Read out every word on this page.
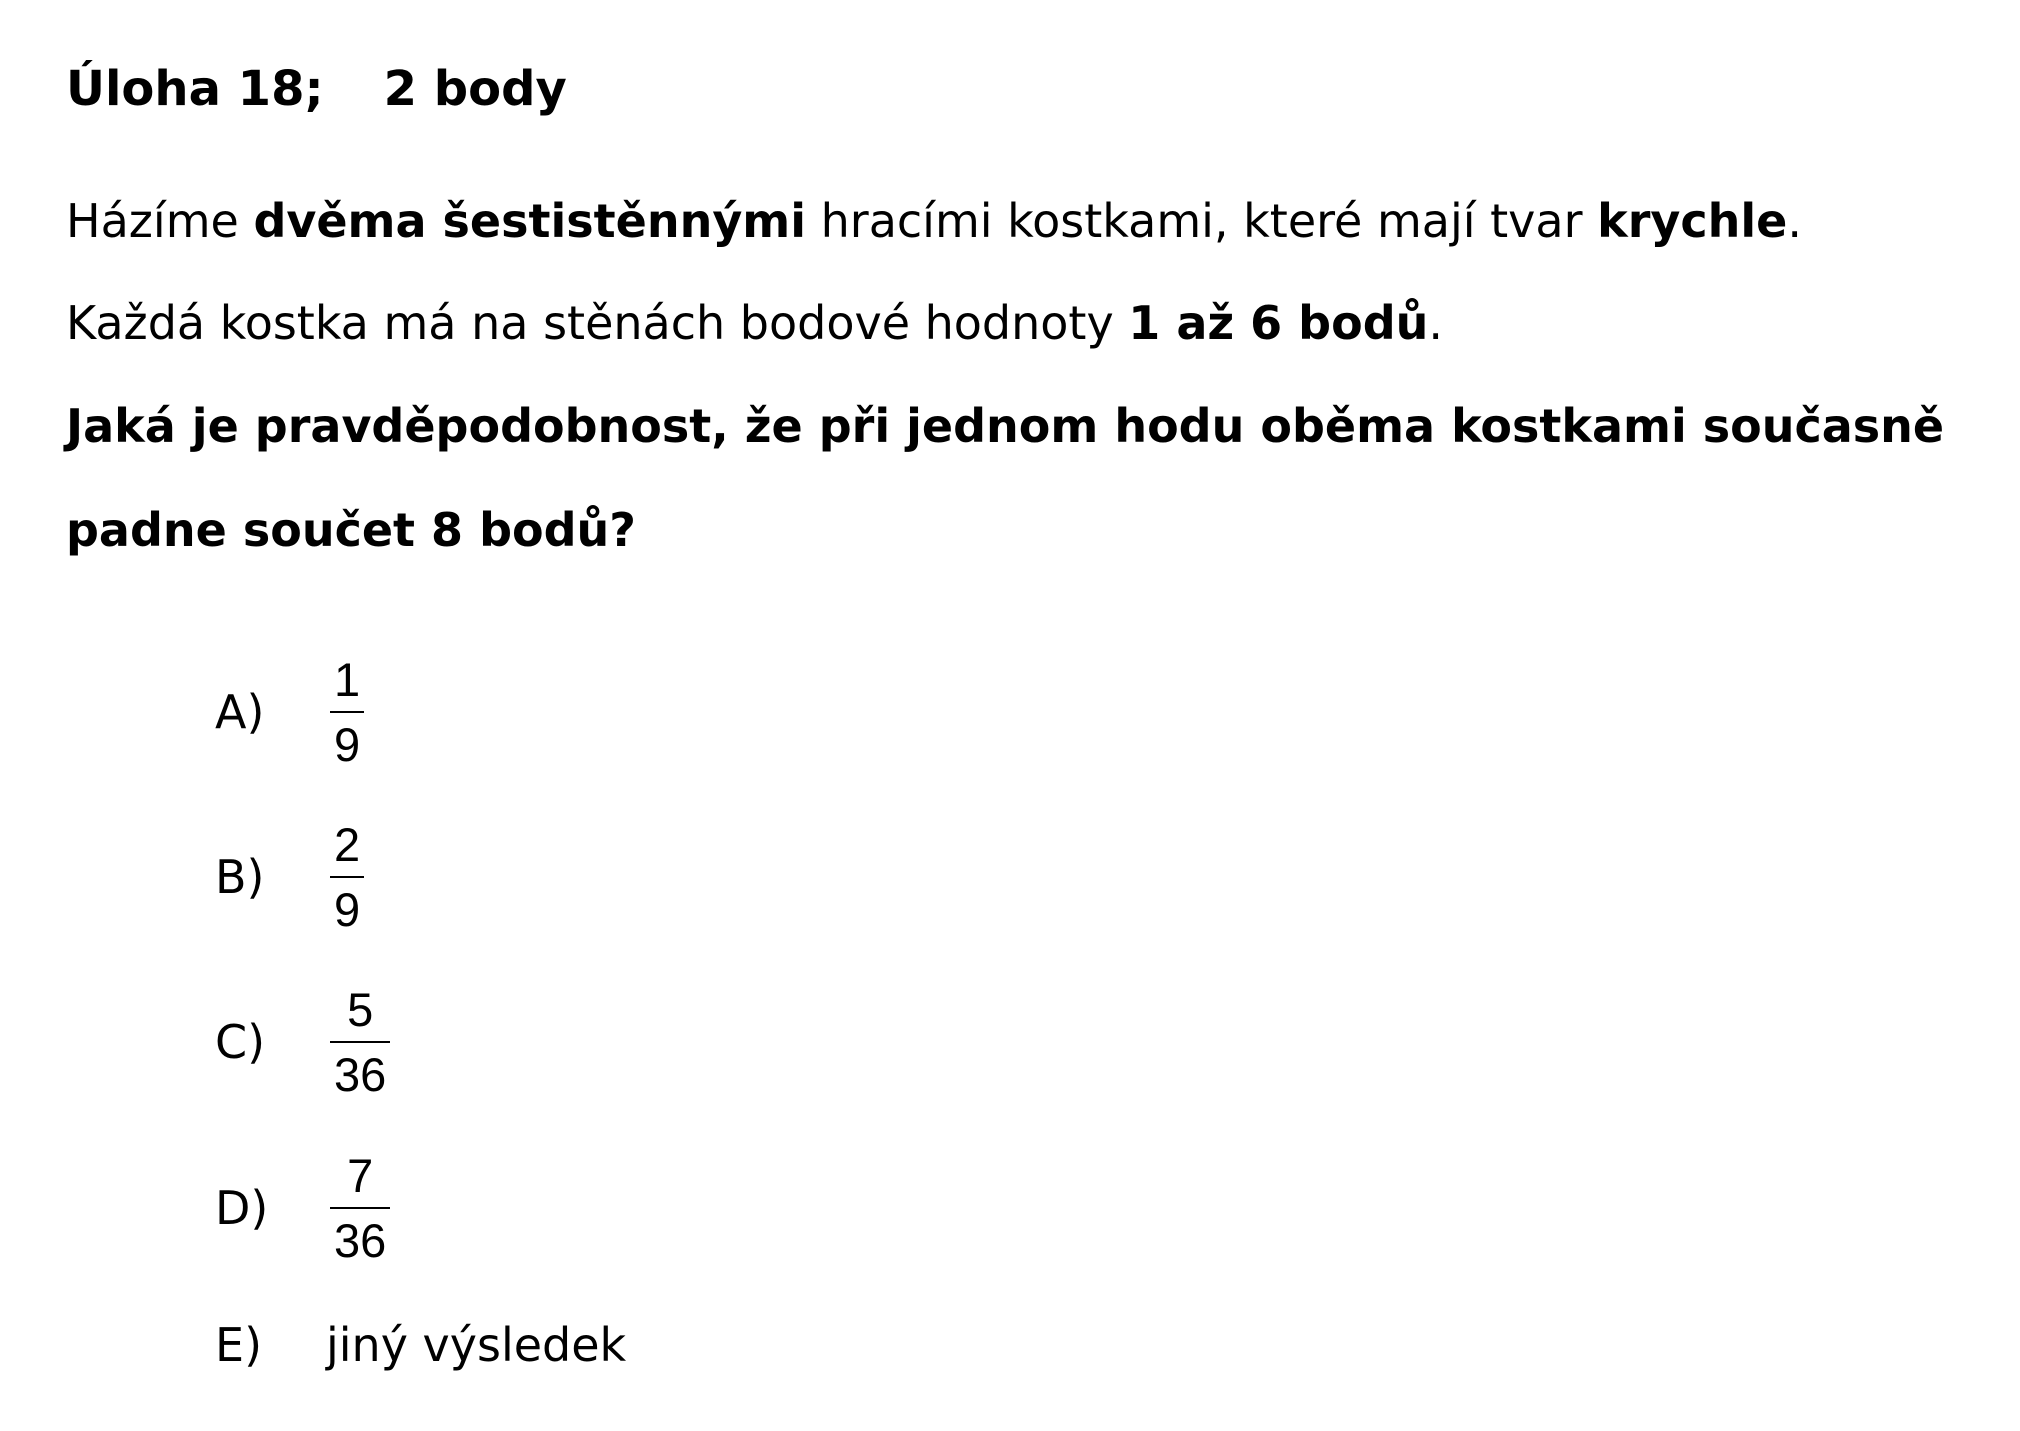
Úloha 18; 2 body
Házíme dvěma šestistěnnými hracími kostkami, které mají tvar krychle.
Každá kostka má na stěnách bodové hodnoty 1 až 6 bodů.
Jaká je pravděpodobnost, že při jednom hodu oběma kostkami současně
padne součet 8 bodů?
A)	$\frac{1}{9}$
B)	$\frac{2}{9}$
C)	$\frac{5}{36}$
D)	$\frac{7}{36}$
E)	jiný výsledek
